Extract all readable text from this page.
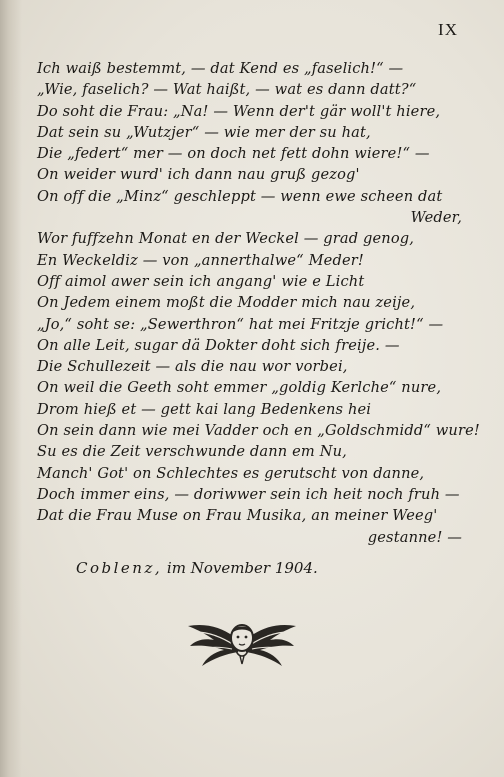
IX
Ich waiß bestemmt, — dat Kend es „faselich!“ —
„Wie, faselich? — Wat haißt, — wat es dann datt?“
Do soht die Frau: „Na! — Wenn der't gär woll't hiere,
Dat sein su „Wutzjer“ — wie mer der su hat,
Die „federt“ mer — on doch net fett dohn wiere!“ —
On weider wurd' ich dann nau gruß gezog'
On off die „Minz“ geschleppt — wenn ewe scheen dat
Weder,
Wor fuffzehn Monat en der Weckel — grad genog,
En Weckeldiz — von „annerthalwe“ Meder!
Off aimol awer sein ich angang' wie e Licht
On Jedem einem moßt die Modder mich nau zeije,
„Jo,“ soht se: „Sewerthron“ hat mei Fritzje gricht!“ —
On alle Leit, sugar dä Dokter doht sich freije. —
Die Schullezeit — als die nau wor vorbei,
On weil die Geeth soht emmer „goldig Kerlche“ nure,
Drom hieß et — gett kai lang Bedenkens hei
On sein dann wie mei Vadder och en „Goldschmidd“ wure!
Su es die Zeit verschwunde dann em Nu,
Manch' Got' on Schlechtes es gerutscht von danne,
Doch immer eins, — doriwwer sein ich heit noch fruh —
Dat die Frau Muse on Frau Musika, an meiner Weeg'
gestanne! —
Coblenz, im November 1904.
